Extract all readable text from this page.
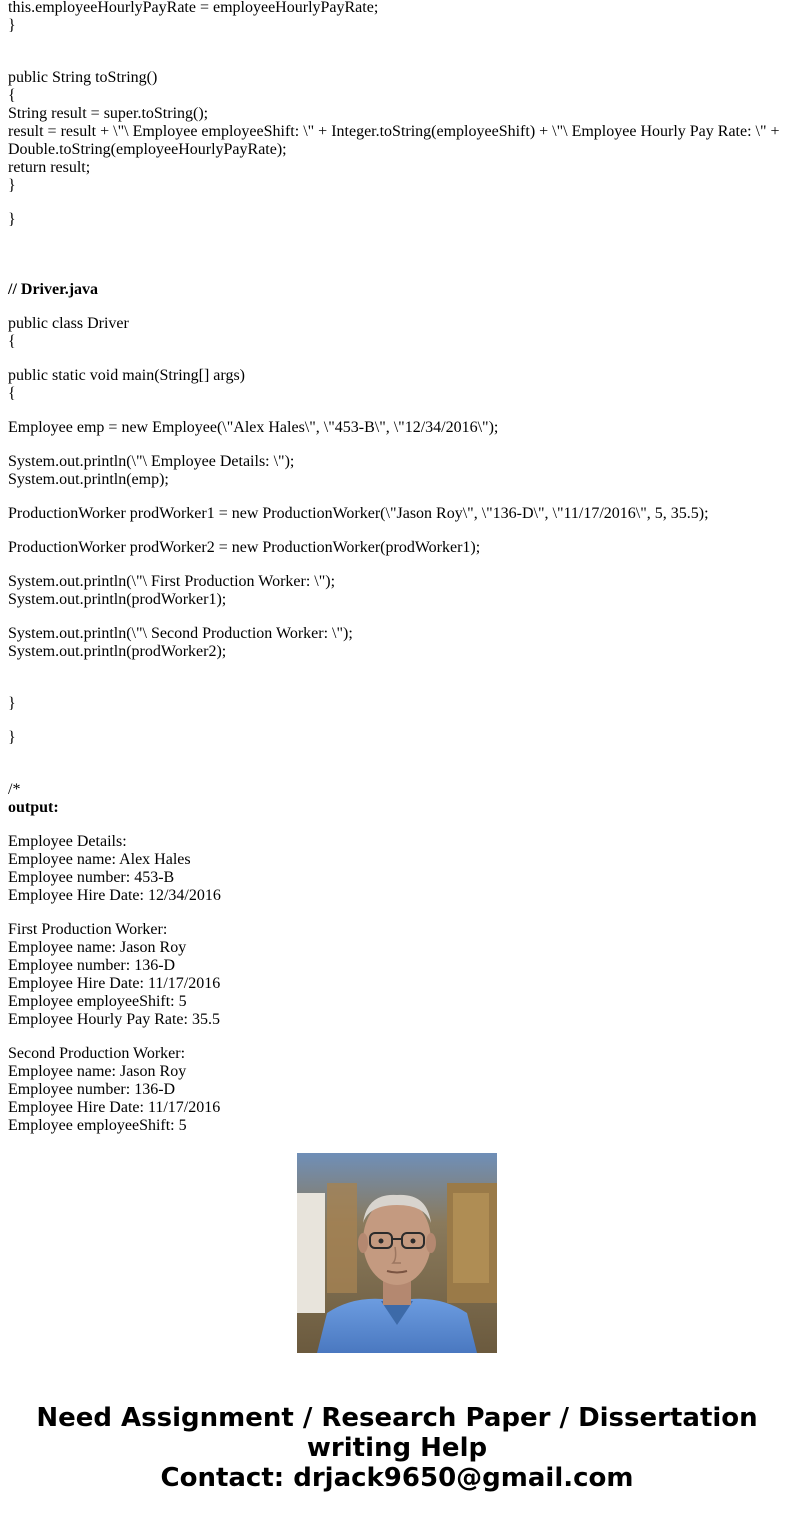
this.employeeHourlyPayRate = employeeHourlyPayRate;

}

public String toString()

{

String result = super.toString();

result = result + \"\ Employee employeeShift: \" + Integer.toString(employeeShift) + \"\ Employee Hourly Pay Rate: \" + Double.toString(employeeHourlyPayRate);

return result;

}

}

// Driver.java

public class Driver

{

public static void main(String[] args)

{

Employee emp = new Employee(\"Alex Hales\", \"453-B\", \"12/34/2016\");

System.out.println(\"\ Employee Details: \");

System.out.println(emp);

ProductionWorker prodWorker1 = new ProductionWorker(\"Jason Roy\", \"136-D\", \"11/17/2016\", 5, 35.5);

ProductionWorker prodWorker2 = new ProductionWorker(prodWorker1);

System.out.println(\"\ First Production Worker: \");

System.out.println(prodWorker1);

System.out.println(\"\ Second Production Worker: \");

System.out.println(prodWorker2);

}

}

/*

output:

Employee Details:

Employee name: Alex Hales

Employee number: 453-B

Employee Hire Date: 12/34/2016

First Production Worker:

Employee name: Jason Roy

Employee number: 136-D

Employee Hire Date: 11/17/2016

Employee employeeShift: 5

Employee Hourly Pay Rate: 35.5

Second Production Worker:

Employee name: Jason Roy

Employee number: 136-D

Employee Hire Date: 11/17/2016

Employee employeeShift: 5

Need Assignment / Research Paper / Dissertation
writing Help
Contact: drjack9650@gmail.com
